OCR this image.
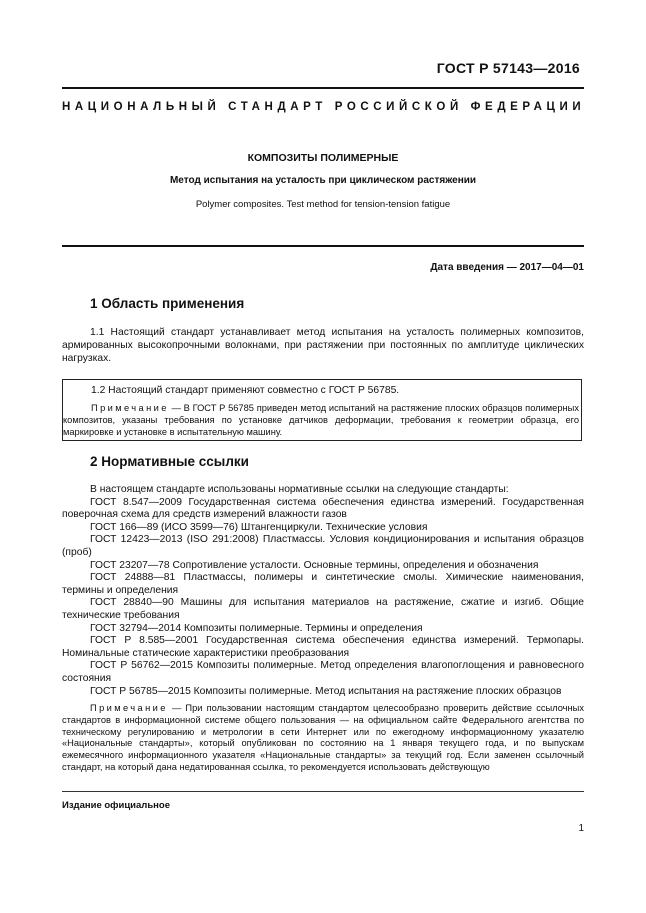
ГОСТ Р 57143—2016
НАЦИОНАЛЬНЫЙ СТАНДАРТ РОССИЙСКОЙ ФЕДЕРАЦИИ
КОМПОЗИТЫ ПОЛИМЕРНЫЕ
Метод испытания на усталость при циклическом растяжении
Polymer composites. Test method for tension-tension fatigue
Дата введения — 2017—04—01
1 Область применения
1.1 Настоящий стандарт устанавливает метод испытания на усталость полимерных композитов, армированных высокопрочными волокнами, при растяжении при постоянных по амплитуде циклических нагрузках.
1.2 Настоящий стандарт применяют совместно с ГОСТ Р 56785.
Примечание — В ГОСТ Р 56785 приведен метод испытаний на растяжение плоских образцов полимерных композитов, указаны требования по установке датчиков деформации, требования к геометрии образца, его маркировке и установке в испытательную машину.
2 Нормативные ссылки

В настоящем стандарте использованы нормативные ссылки на следующие стандарты:

ГОСТ 8.547—2009 Государственная система обеспечения единства измерений. Государственная поверочная схема для средств измерений влажности газов

ГОСТ 166—89 (ИСО 3599—76) Штангенциркули. Технические условия

ГОСТ 12423—2013 (ISO 291:2008) Пластмассы. Условия кондиционирования и испытания образцов (проб)

ГОСТ 23207—78 Сопротивление усталости. Основные термины, определения и обозначения

ГОСТ 24888—81 Пластмассы, полимеры и синтетические смолы. Химические наименования, термины и определения

ГОСТ 28840—90 Машины для испытания материалов на растяжение, сжатие и изгиб. Общие технические требования

ГОСТ 32794—2014 Композиты полимерные. Термины и определения

ГОСТ Р 8.585—2001 Государственная система обеспечения единства измерений. Термопары. Номинальные статические характеристики преобразования

ГОСТ Р 56762—2015 Композиты полимерные. Метод определения влагопоглощения и равновесного состояния

ГОСТ Р 56785—2015 Композиты полимерные. Метод испытания на растяжение плоских образцов

Примечание — При пользовании настоящим стандартом целесообразно проверить действие ссылочных стандартов в информационной системе общего пользования — на официальном сайте Федерального агентства по техническому регулированию и метрологии в сети Интернет или по ежегодному информационному указателю «Национальные стандарты», который опубликован по состоянию на 1 января текущего года, и по выпускам ежемесячного информационного указателя «Национальные стандарты» за текущий год. Если заменен ссылочный стандарт, на который дана недатированная ссылка, то рекомендуется использовать действующую
Издание официальное
1
